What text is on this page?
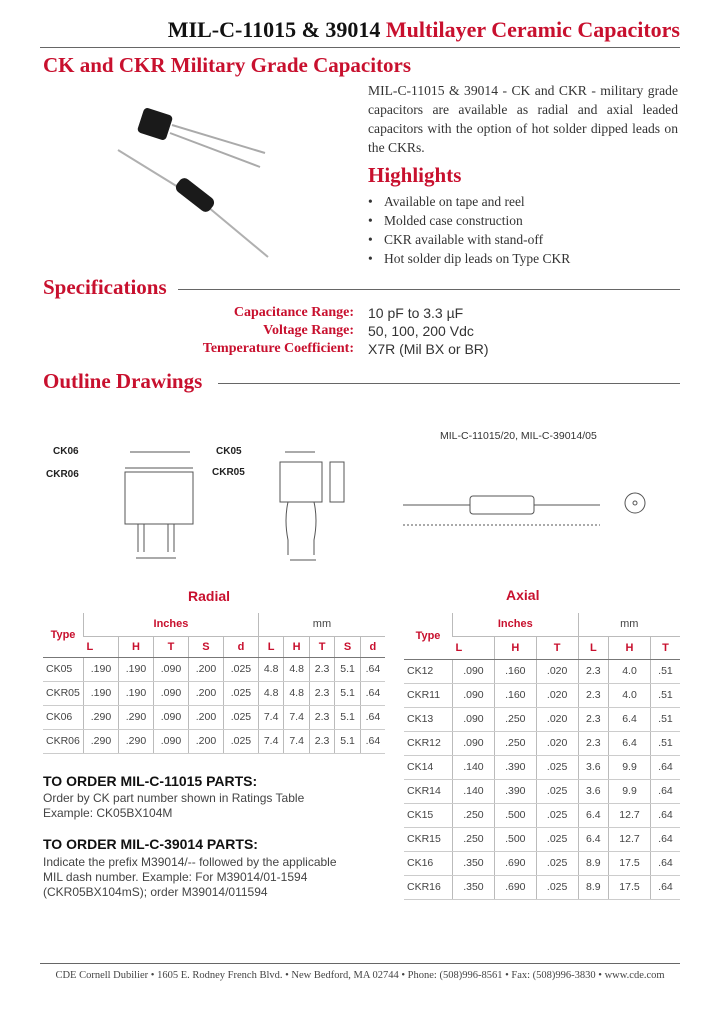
MIL-C-11015 & 39014 Multilayer Ceramic Capacitors
CK and CKR Military Grade Capacitors
MIL-C-11015 & 39014 - CK and CKR - military grade capacitors are available as radial and axial leaded capacitors with the option of hot solder dipped leads on the CKRs.
Highlights
• Available on tape and reel
• Molded case construction
• CKR available with stand-off
• Hot solder dip leads on Type CKR
Specifications
Capacitance Range: 10 pF to 3.3 µF
Voltage Range: 50, 100, 200 Vdc
Temperature Coefficient: X7R (Mil BX or BR)
Outline Drawings
CK06
CKR06
CK05
CKR05
MIL-C-11015/20, MIL-C-39014/05
Radial
Type	Inches					mm				
	L	H	T	S	d	L	H	T	S	d
CK05	.190	.190	.090	.200	.025	4.8	4.8	2.3	5.1	.64
CKR05	.190	.190	.090	.200	.025	4.8	4.8	2.3	5.1	.64
CK06	.290	.290	.090	.200	.025	7.4	7.4	2.3	5.1	.64
CKR06	.290	.290	.090	.200	.025	7.4	7.4	2.3	5.1	.64
Axial
Type	Inches			mm		
	L	H	T	L	H	T
CK12	.090	.160	.020	2.3	4.0	.51
CKR11	.090	.160	.020	2.3	4.0	.51
CK13	.090	.250	.020	2.3	6.4	.51
CKR12	.090	.250	.020	2.3	6.4	.51
CK14	.140	.390	.025	3.6	9.9	.64
CKR14	.140	.390	.025	3.6	9.9	.64
CK15	.250	.500	.025	6.4	12.7	.64
CKR15	.250	.500	.025	6.4	12.7	.64
CK16	.350	.690	.025	8.9	17.5	.64
CKR16	.350	.690	.025	8.9	17.5	.64
TO ORDER MIL-C-11015 PARTS:
Order by CK part number shown in Ratings Table
Example: CK05BX104M
TO ORDER MIL-C-39014 PARTS:
Indicate the prefix M39014/-- followed by the applicable
MIL dash number. Example: For M39014/01-1594
(CKR05BX104mS); order M39014/011594
CDE Cornell Dubilier • 1605 E. Rodney French Blvd. • New Bedford, MA 02744 • Phone: (508)996-8561 • Fax: (508)996-3830 • www.cde.com
